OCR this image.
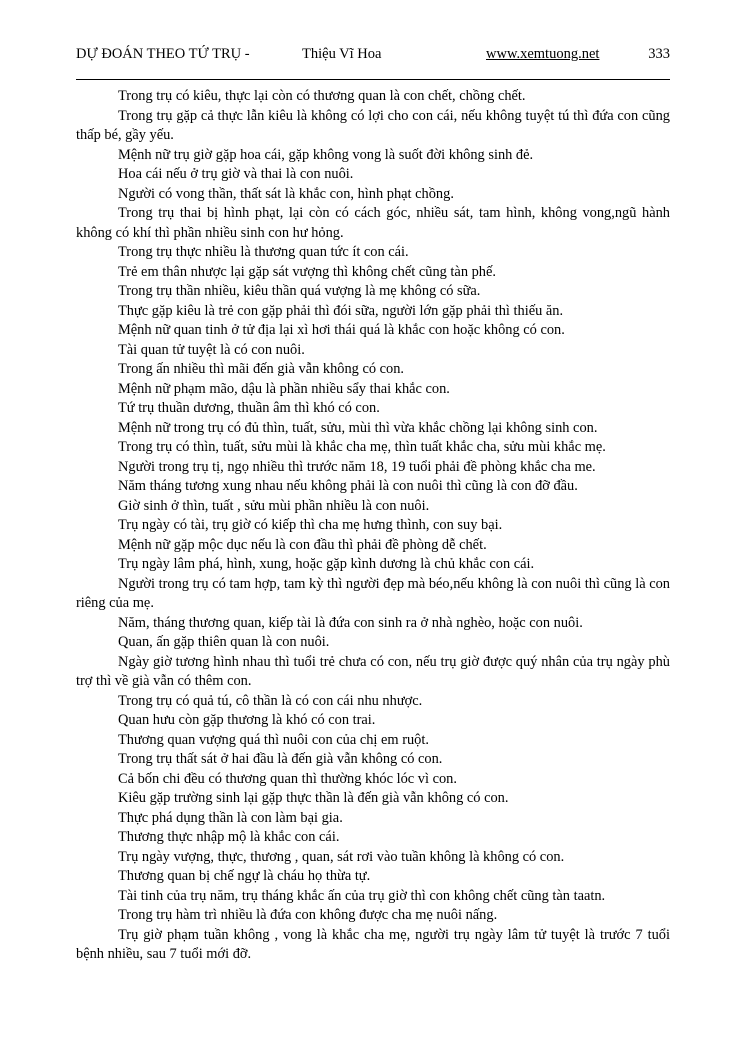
DỰ ĐOÁN THEO TỨ TRỤ -	Thiệu Vĩ Hoa	www.xemtuong.net	333

Trong trụ có kiêu, thực lại còn có thương quan là con chết, chồng chết.

Trong trụ gặp cả thực lẫn kiêu là không có lợi cho con cái, nếu không tuyệt tú thì đứa con cũng thấp bé, gầy yếu.

Mệnh nữ trụ giờ gặp hoa cái, gặp không vong là suốt đời không sinh đẻ.

Hoa cái nếu ở trụ giờ và thai là con nuôi.

Người có vong thần, thất sát là khắc con, hình phạt chồng.

Trong trụ thai bị hình phạt, lại còn có cách góc, nhiều sát, tam hình, không vong,ngũ hành không có khí thì phần nhiều sinh con hư hỏng.

Trong trụ thực nhiều là thương quan tức ít con cái.

Trẻ em thân nhược lại gặp sát vượng thì không chết cũng tàn phế.

Trong trụ thần nhiều, kiêu thần quá vượng là mẹ không có sữa.

Thực gặp kiêu là trẻ con gặp phải thì đói sữa, người lớn gặp phải thì thiếu ăn.

Mệnh nữ quan tinh ở tử địa lại xì hơi thái quá là khắc con hoặc không có con.

Tài quan tử tuyệt là có con nuôi.

Trong ấn nhiều thì mãi đến già vẫn không có con.

Mệnh nữ phạm mão, dậu là phần nhiều sẩy thai khắc con.

Tứ trụ thuần dương, thuần âm thì khó có con.

Mệnh nữ trong trụ có đủ thìn, tuất, sửu, mùi thì vừa khắc chồng lại không sinh con.

Trong trụ có thìn, tuất, sửu mùi là khắc cha mẹ, thìn tuất khắc cha, sửu mùi khắc mẹ.

Người trong trụ tị, ngọ nhiều thì trước năm 18, 19 tuổi phải đề phòng khắc cha me.

Năm tháng tương xung nhau nếu không phải là con nuôi thì cũng là con đỡ đầu.

Giờ sinh ở thìn, tuất , sửu mùi phần nhiều là con nuôi.

Trụ ngày có tài, trụ giờ có kiếp thì cha mẹ hưng thình, con suy bại.

Mệnh nữ gặp mộc dục nếu là con đầu thì phải đề phòng dễ chết.

Trụ ngày lâm phá, hình, xung, hoặc gặp kình dương là chủ khắc con cái.

Người trong trụ có tam hợp, tam kỳ thì người đẹp mà béo,nếu không là con nuôi thì cũng là con riêng của mẹ.

Năm, tháng thương quan, kiếp tài là đứa con sinh ra ở nhà nghèo, hoặc con nuôi.

Quan, ấn gặp thiên quan là con nuôi.

Ngày giờ tương hình nhau thì tuổi trẻ chưa có con, nếu trụ giờ được quý nhân của trụ ngày phù trợ thì về già vẫn có thêm con.

Trong trụ có quả tú, cô thần là có con cái nhu nhược.

Quan hưu còn gặp thương là khó có con trai.

Thương quan vượng quá thì nuôi con của chị em ruột.

Trong trụ thất sát ở hai đầu là đến già vẫn không có con.

Cả bốn chi đều có thương quan thì thường khóc lóc vì con.

Kiêu gặp trường sinh lại gặp thực thần là đến già vẫn không có con.

Thực phá dụng thần là con làm bại gia.

Thương thực nhập mộ là khắc con cái.

Trụ ngày vượng, thực, thương , quan, sát rơi vào tuần không là không có con.

Thương quan bị chế ngự là cháu họ thừa tự.

Tài tinh của trụ năm, trụ tháng khắc ấn của trụ giờ thì con không chết cũng tàn taatn.

Trong trụ hàm trì nhiều là đứa con không được cha mẹ nuôi nấng.

Trụ giờ phạm tuần không , vong là khắc cha mẹ, người trụ ngày lâm tử tuyệt là trước 7 tuổi bệnh nhiều, sau 7 tuổi mới đỡ.
